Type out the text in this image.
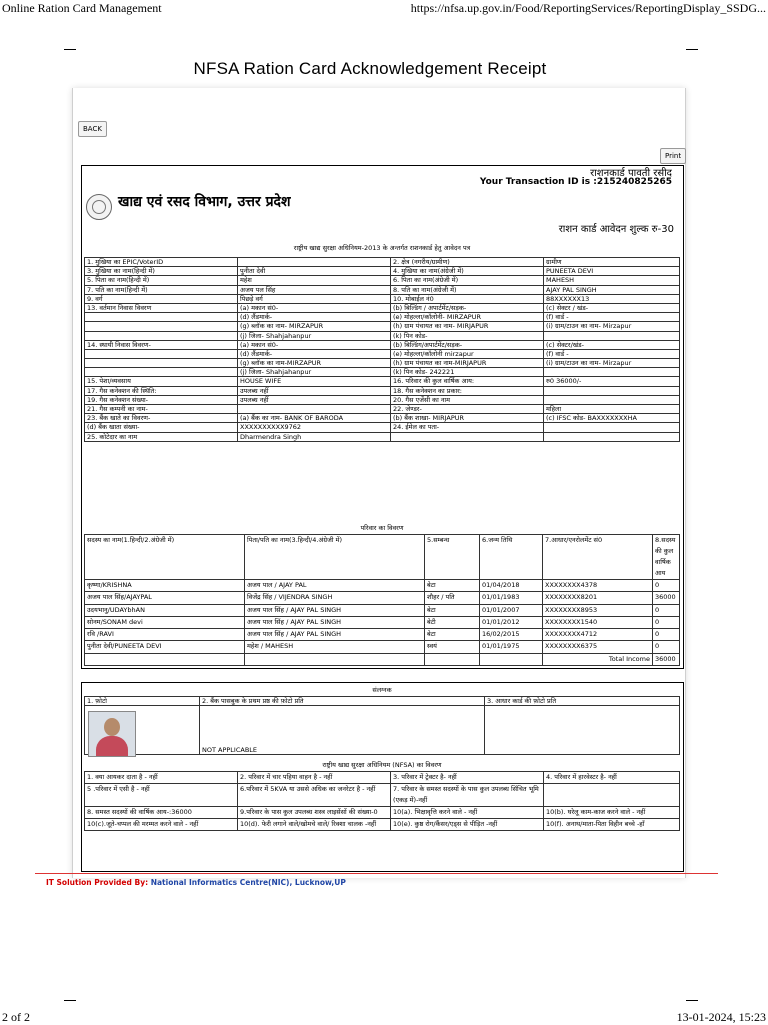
Online Ration Card Management	https://nfsa.up.gov.in/Food/ReportingServices/ReportingDisplay_SSDG...
NFSA Ration Card Acknowledgement Receipt
BACK
Print
खाद्य एवं रसद विभाग, उत्तर प्रदेश
राशनकार्ड पावती रसीद
Your Transaction ID is :215240825265
राशन कार्ड आवेदन शुल्क रु-30
राष्ट्रीय खाद्य सुरक्षा अधिनियम-2013 के अन्तर्गत राशनकार्ड हेतु आवेदन पत्र
1. मुखिया का EPIC/VoterID		2. क्षेत्र (नगरीय/ग्रामीण)	ग्रामीण
3. मुखिया का नाम(हिन्दी में)	पुनीता देवी	4. मुखिया का नाम(अंग्रेजी में)	PUNEETA DEVI
5. पिता का नाम(हिन्दी में)	महेश	6. पिता का नाम(अंग्रेजी में)	MAHESH
7. पति का नाम(हिन्दी में)	अजय पल सिंह	8. पति का नाम(अंग्रेजी में)	AJAY PAL SINGH
9. वर्ग	पिछड़े वर्ग	10. मोबाईल नं0	88XXXXXX13
13. वर्तमान निवास विवरण	(a) मकान सं0-	(b) बिल्डिंग / अपार्टमेंट/सड़क-	(c) सेक्टर / खंड-
	(d) लैंडमार्क-	(e) मोहल्ला/कॉलोनी- MIRZAPUR	(f) वार्ड -
	(g) ब्लॉक का नाम- MIRZAPUR	(h) ग्राम पंचायत का नाम- MIRJAPUR	(i) ग्राम/टाउन का नाम- Mirzapur
	(j) जिला- Shahjahanpur	(k) पिन कोड-	
14. स्थायी निवास विवरण-	(a) मकान सं0-	(b) बिल्डिंग/अपार्टमेंट/सड़क-	(c) सेक्टर/खंड-
	(d) लैंडमार्क-	(e) मोहल्ला/कॉलोनी mirzapur	(f) वार्ड -
	(g) ब्लॉक का नाम-MIRZAPUR	(h) ग्राम पंचायत का नाम-MIRJAPUR	(i) ग्राम/टाउन का नाम- Mirzapur
	(j) जिला- Shahjahanpur	(k) पिन कोड- 242221	
15. पेशा/व्यवसाय	HOUSE WIFE	16. परिवार की कुल वार्षिक आय:	रु0 36000/-
17. गैस कनेक्शन की स्थिति:	उपलब्ध नहीं	18. गैस कनेक्शन का प्रकार:	
19. गैस कनेक्शन संख्या-	उपलब्ध नहीं	20. गैस एजेंसी का नाम	
21. गैस कम्पनी का नाम-		22. जेण्डर-	महिला
23. बैंक खाते का विवरण-	(a) बैंक का नाम- BANK OF BARODA	(b) बैंक शाखा- MIRJAPUR	(c) IFSC कोड- BAXXXXXXXHA
(d) बैंक खाता संख्या-	XXXXXXXXXX9762	24. ईमेल का पता-	
25. कोटेदार का नाम	Dharmendra Singh		
परिवार का विवरण
सदस्य का नाम(1.हिन्दी/2.अंग्रेजी में)	पिता/पति का नाम(3.हिन्दी/4.अंग्रेजी में)	5.सम्बन्ध	6.जन्म तिथि	7.आधार/एनरोलमेंट सं0	8.सदस्य की कुल वार्षिक आय
कृष्णा/KRISHNA	अजय पाल / AJAY PAL	बेटा	01/04/2018	XXXXXXXX4378	0
अजय पाल सिंह/AJAYPAL	विजेंद्र सिंह / VIJENDRA SINGH	शौहर / पति	01/01/1983	XXXXXXXX8201	36000
उदयभानु/UDAYbhAN	अजय पाल सिंह / AJAY PAL SINGH	बेटा	01/01/2007	XXXXXXXX8953	0
सोनम/SONAM devi	अजय पाल सिंह / AJAY PAL SINGH	बेटी	01/01/2012	XXXXXXXX1540	0
रवि /RAVI	अजय पाल सिंह / AJAY PAL SINGH	बेटा	16/02/2015	XXXXXXXX4712	0
पुनीता देवी/PUNEETA DEVI	महेश / MAHESH	स्वयं	01/01/1975	XXXXXXXX6375	0
				Total Income	36000
संलग्नक
1. फ़ोटो	2. बैंक पासबुक के प्रथम प्रष्ठ की फ़ोटो प्रति	3. आधार कार्ड की फ़ोटो प्रति
	NOT APPLICABLE	
राष्ट्रीय खाद्य सुरक्षा अधिनियम (NFSA) का विवरण
1. क्या आयकर दाता है - नहीं	2. परिवार में चार पहिया वाहन है - नहीं	3. परिवार में ट्रेक्टर है- नहीं	4. परिवार में हारवेस्टर है- नहीं
5 .परिवार में एसी है - नहीं	6.परिवार में 5KVA या उससे अधिक का जनरेटर है - नहीं	7. परिवार के समस्त सदस्यों के पास कुल उपलब्ध सिंचित भूमि (एकड़ में)-नहीं	
8. समस्त सदस्यों की वार्षिक आय-:36000	9.परिवार के पास कुल उपलब्ध शस्त्र लाइसेंसों की संख्या-0	10(a). भिक्षावृत्ति करने वाले - नहीं	10(b). घरेलू काम-काज करने वाले - नहीं
10(c).जूते-चप्पल की मरम्मत करने वाले - नहीं	10(d). फेरी लगाने वाले/खोमचे वाले/ रिक्शा चालक -नहीं	10(e). कुष्ठ रोग/कैंसर/एड्स से पीड़ित -नहीं	10(f). अनाथ/माता-पिता विहीन बच्चे -हाँ
IT Solution Provided By: National Informatics Centre(NIC), Lucknow,UP
2 of 2	13-01-2024, 15:23
